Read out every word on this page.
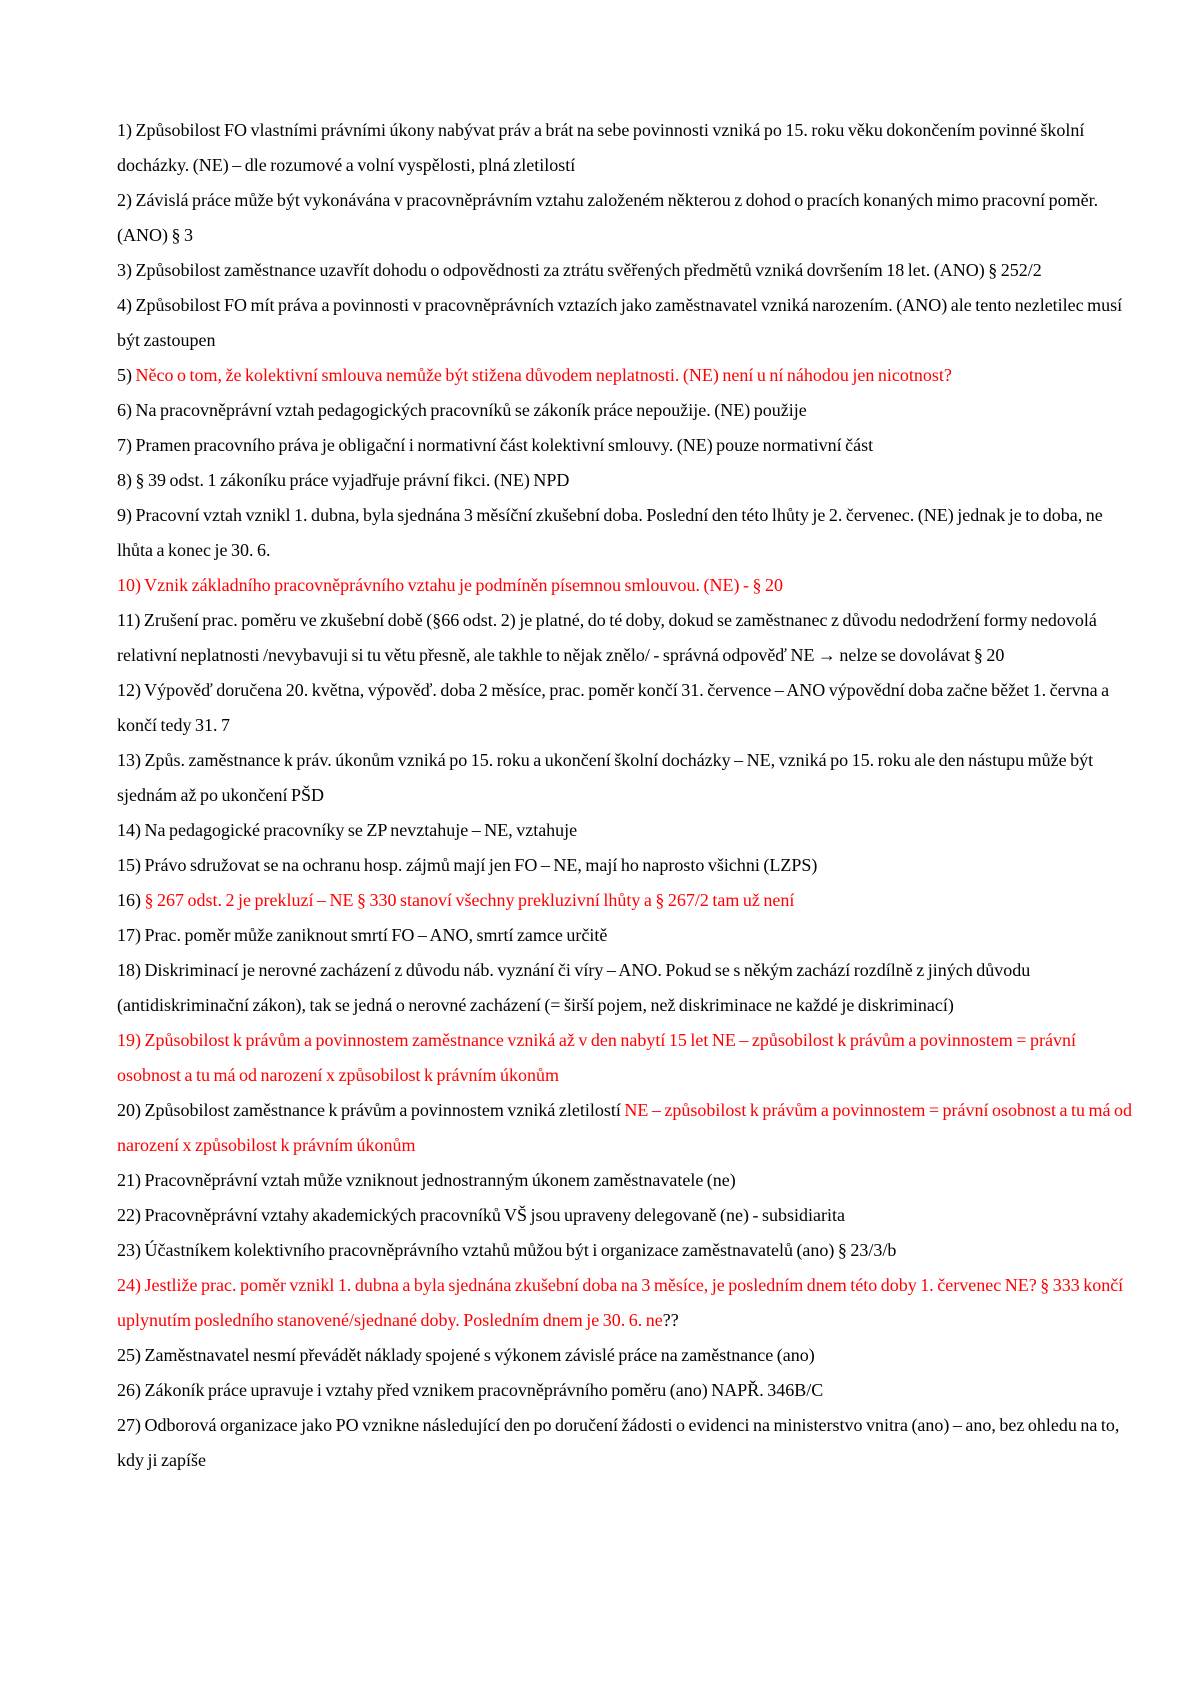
1) Způsobilost FO vlastními právními úkony nabývat práv a brát na sebe povinnosti vzniká po 15. roku věku dokončením povinné školní docházky. (NE) – dle rozumové a volní vyspělosti, plná zletilostí

2) Závislá práce může být vykonávána v pracovněprávním vztahu založeném některou z dohod o pracích konaných mimo pracovní poměr. (ANO) § 3

3) Způsobilost zaměstnance uzavřít dohodu o odpovědnosti za ztrátu svěřených předmětů vzniká dovršením 18 let. (ANO) § 252/2

4) Způsobilost FO mít práva a povinnosti v pracovněprávních vztazích jako zaměstnavatel vzniká narozením. (ANO) ale tento nezletilec musí být zastoupen

5) Něco o tom, že kolektivní smlouva nemůže být stižena důvodem neplatnosti. (NE) není u ní náhodou jen nicotnost?

6) Na pracovněprávní vztah pedagogických pracovníků se zákoník práce nepoužije. (NE) použije

7) Pramen pracovního práva je obligační i normativní část kolektivní smlouvy. (NE) pouze normativní část

8) § 39 odst. 1 zákoníku práce vyjadřuje právní fikci. (NE) NPD

9) Pracovní vztah vznikl 1. dubna, byla sjednána 3 měsíční zkušební doba. Poslední den této lhůty je 2. červenec. (NE) jednak je to doba, ne lhůta a konec je 30. 6.

10) Vznik základního pracovněprávního vztahu je podmíněn písemnou smlouvou. (NE) - § 20

11) Zrušení prac. poměru ve zkušební době (§66 odst. 2) je platné, do té doby, dokud se zaměstnanec z důvodu nedodržení formy nedovolá relativní neplatnosti /nevybavuji si tu větu přesně, ale takhle to nějak znělo/ - správná odpověď NE → nelze se dovolávat § 20

12) Výpověď doručena 20. května, výpověď. doba 2 měsíce, prac. poměr končí 31. července – ANO výpovědní doba začne běžet 1. června a končí tedy 31. 7

13) Způs. zaměstnance k práv. úkonům vzniká po 15. roku a ukončení školní docházky – NE, vzniká po 15. roku ale den nástupu může být sjednám až po ukončení PŠD

14) Na pedagogické pracovníky se ZP nevztahuje – NE, vztahuje

15) Právo sdružovat se na ochranu hosp. zájmů mají jen FO – NE, mají ho naprosto všichni (LZPS)

16) § 267 odst. 2 je prekluzí – NE § 330 stanoví všechny prekluzivní lhůty a § 267/2 tam už není

17) Prac. poměr může zaniknout smrtí FO – ANO, smrtí zamce určitě

18) Diskriminací je nerovné zacházení z důvodu náb. vyznání či víry – ANO. Pokud se s někým zachází rozdílně z jiných důvodu (antidiskriminační zákon), tak se jedná o nerovné zacházení (= širší pojem, než diskriminace ne každé je diskriminací)

19) Způsobilost k právům a povinnostem zaměstnance vzniká až v den nabytí 15 let NE – způsobilost k právům a povinnostem = právní osobnost a tu má od narození x způsobilost k právním úkonům

20) Způsobilost zaměstnance k právům a povinnostem vzniká zletilostí NE – způsobilost k právům a povinnostem = právní osobnost a tu má od narození x způsobilost k právním úkonům

21) Pracovněprávní vztah může vzniknout jednostranným úkonem zaměstnavatele (ne)

22) Pracovněprávní vztahy akademických pracovníků VŠ jsou upraveny delegovaně (ne) - subsidiarita

23) Účastníkem kolektivního pracovněprávního vztahů můžou být i organizace zaměstnavatelů (ano) § 23/3/b

24) Jestliže prac. poměr vznikl 1. dubna a byla sjednána zkušební doba na 3 měsíce, je posledním dnem této doby 1. červenec NE? § 333 končí uplynutím posledního stanovené/sjednané doby. Posledním dnem je 30. 6. ne??

25) Zaměstnavatel nesmí převádět náklady spojené s výkonem závislé práce na zaměstnance (ano)

26) Zákoník práce upravuje i vztahy před vznikem pracovněprávního poměru (ano) NAPŘ. 346B/C

27) Odborová organizace jako PO vznikne následující den po doručení žádosti o evidenci na ministerstvo vnitra (ano) – ano, bez ohledu na to, kdy ji zapíše
